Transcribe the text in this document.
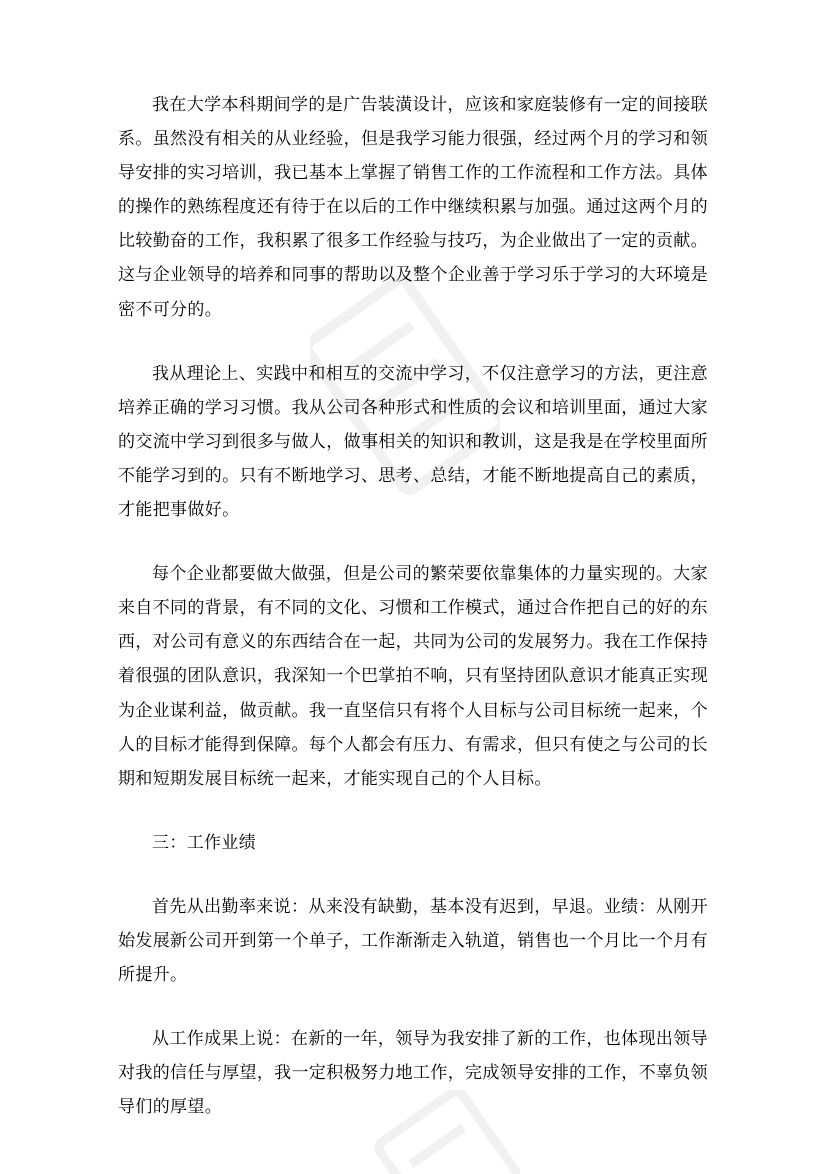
我在大学本科期间学的是广告装潢设计，应该和家庭装修有一定的间接联系。虽然没有相关的从业经验，但是我学习能力很强，经过两个月的学习和领导安排的实习培训，我已基本上掌握了销售工作的工作流程和工作方法。具体的操作的熟练程度还有待于在以后的工作中继续积累与加强。通过这两个月的比较勤奋的工作，我积累了很多工作经验与技巧，为企业做出了一定的贡献。这与企业领导的培养和同事的帮助以及整个企业善于学习乐于学习的大环境是密不可分的。

我从理论上、实践中和相互的交流中学习，不仅注意学习的方法，更注意培养正确的学习习惯。我从公司各种形式和性质的会议和培训里面，通过大家的交流中学习到很多与做人，做事相关的知识和教训，这是我是在学校里面所不能学习到的。只有不断地学习、思考、总结，才能不断地提高自己的素质，才能把事做好。

每个企业都要做大做强，但是公司的繁荣要依靠集体的力量实现的。大家来自不同的背景，有不同的文化、习惯和工作模式，通过合作把自己的好的东西，对公司有意义的东西结合在一起，共同为公司的发展努力。我在工作保持着很强的团队意识，我深知一个巴掌拍不响，只有坚持团队意识才能真正实现为企业谋利益，做贡献。我一直坚信只有将个人目标与公司目标统一起来，个人的目标才能得到保障。每个人都会有压力、有需求，但只有使之与公司的长期和短期发展目标统一起来，才能实现自己的个人目标。

三：工作业绩

首先从出勤率来说：从来没有缺勤，基本没有迟到，早退。业绩：从刚开始发展新公司开到第一个单子，工作渐渐走入轨道，销售也一个月比一个月有所提升。

从工作成果上说：在新的一年，领导为我安排了新的工作，也体现出领导对我的信任与厚望，我一定积极努力地工作，完成领导安排的工作，不辜负领导们的厚望。
